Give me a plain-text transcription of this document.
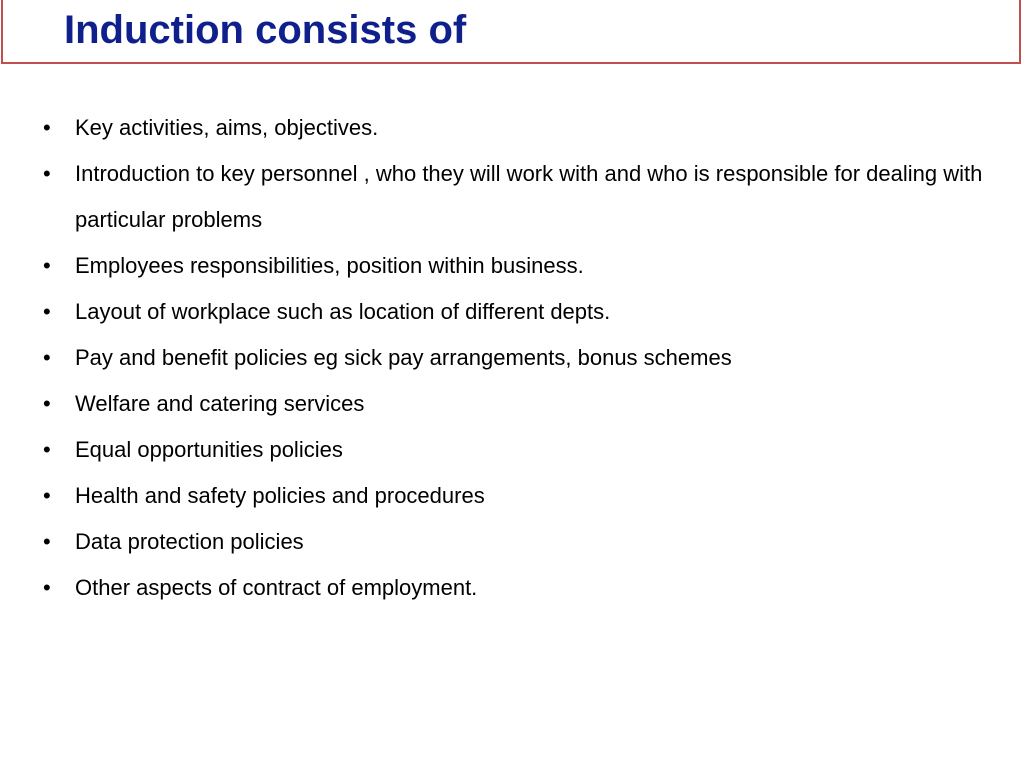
Induction consists of
• Key activities, aims, objectives.
• Introduction to key personnel , who they will work with and who is responsible for dealing with particular problems
• Employees responsibilities, position within business.
• Layout of workplace such as location of different depts.
• Pay and benefit policies eg sick pay arrangements, bonus schemes
• Welfare and catering services
• Equal opportunities policies
• Health and safety policies and procedures
• Data protection policies
• Other aspects of contract of employment.
